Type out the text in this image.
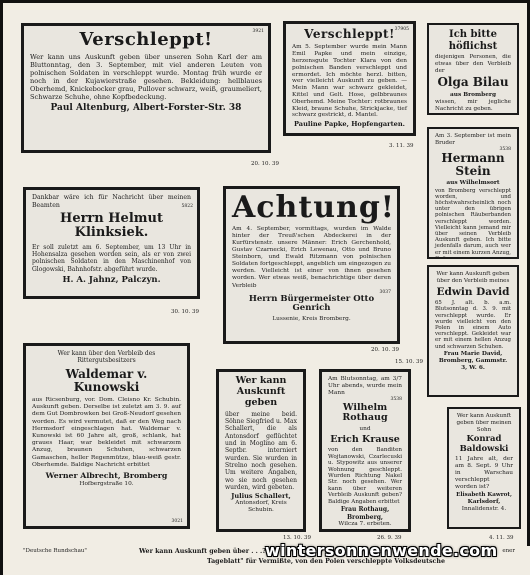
3921
Verschleppt!
Wer kann uns Auskunft geben über unseren Sohn Karl der am Bluttonntag, den 3. September, mit viel anderen Leuten von polnischen Soldaten in verschleppt wurde. Montag früh wurde er noch in der Kujawierstraße gesehen. Bekleidung: hellblaues Oberhemd, Knickebocker grau, Pullover schwarz, weiß, graumeliert, Schwarze Schuhe, ohne Kopfbedeckung.
Paul Altenburg, Albert-Forster-Str. 38
20. 10. 39
37905
Verschleppt!
Am 5. September wurde mein Mann Emil Papke und mein einzige, herzensgute Tochter Klara von den polnischen Banden verschleppt und ermordet. Ich möchte herzl. bitten, wer vielleicht Auskunft zu geben. — Mein Mann war schwarz gekleidet, Kittel und Gelt. Hose, gelbbraunes Oberhemd. Meine Tochter: rotbraunes Kleid, braune Schuhe, Strickjacke, tief schwarz gestrickt, d. Mantel.
Pauline Papke, Hopfengarten.
3. 11. 39
Ich bitte höflichst
diejenigen Personen, die etwas über den Verbleib der
Olga Bilau
aus Bromberg
wissen, mir jegliche Nachricht zu geben.
5822
Dankbar wäre ich für Nachricht über meinen Beamten
Herrn Helmut Klinksiek.
Er soll zuletzt am 6. September, um 13 Uhr in Hohensalza gesehen worden sein, als er von zwei polnischen Soldaten in den Maschinenhof von Glogowski, Bahnhofstr. abgeführt wurde.
H. A. Jahnz, Palczyn.
30. 10. 39
Achtung!
Am 4. September, vormittags, wurden im Walde hinter der Treuß'schen Abdeckerei in der Kurfürstenstr. unsere Männer: Erich Gerchenhold, Gustav Czarnecki, Erich Lewenau, Otto und Bruno Steinborn, und Ewald Ritzmann von polnischen Soldaten fortgeschleppt, angeblich um eingezogen zu werden. Vielleicht ist einer von ihnen gesehen worden. Wer etwas weiß, benachrichtige über deren Verbleib
3037
Herrn Bürgermeister Otto Genrich
Lussenie, Kreis Bromberg.
20. 10. 39
Am 3. September ist mein Bruder
3538
Hermann Stein
aus Wilhelmsort
von Bromberg verschleppt worden, und höchstwahrscheinlich noch unter den übrigen polnischen Räuberbanden verschleppt worden. Vielleicht kann jemand mir über seinen Verbleib Auskunft geben. Ich bitte jedenfalls darum, auch wer er mit einem kurzen Anzug, Opfer
Wer kann Auskunft geben über den Verbleib meines
Edwin David
65 J. alt. b. a.m. Blutsonntag d. 3. 9. mit verschleppt wurde. Er wurde vielleicht von den Polen in einem Auto verschleppt. Gekleidet war er mit einem hellen Anzug und schwarzen Schuhen.
Frau Marie David, Bromberg, Gammstr. 3, W. 6.
15. 10. 39
Wer kann über den Verbleib des Rittergutsbesitzers
Waldemar v. Kunowski
aus Ricsenburg, vor. Dom. Cleisno Kr. Schubin. Auskunft geben. Derselbe ist zuletzt am 3. 9. auf dem Gut Dombrowken bei Groß-Neudorf gesehen worden. Es wird vermutet, daß er den Weg nach Hermsdorf eingeschlagen hat. Waldemar v. Kunowski ist 60 Jahre alt, groß, schlank, hat graues Haar, war bekleidet mit schwarzem Anzug, braunen Schuhen, schwarzen Gamaschen, heller Regenmütze, blau-weiß gestr. Oberhemde. Baldige Nachricht erbittet
Werner Albrecht, Bromberg
Hofbergstraße 10.
3021
Wer kann Auskunft geben
über meine beid. Söhne Siegfried u. Max Schallert, die als Antonsdorf geflüchtet und in Moglino am 6. Septbr. interniert wurden. Sie wurden in Strelno noch gesehen. Um weitere Angaben, wo sie noch gesehen wurden, wird gebeten.
Julius Schallert,
Antonsdorf, Kreis Schubin.
13. 10. 39
Am Blutsonntag, am 3/7 Uhr abends, wurde mein Mann
3538
Wilhelm Rothaug
und
Erich Krause
von den Banditen Wojtanowski, Czarlecuski u. Stypowitz aus unserer Wohnung geschleppt. Wurden Richtung Nakel Str. noch gesehen. Wer kann über weiteren Verbleib Auskunft geben? Baldige Angaben erbittet
Frau Rothaug, Bromberg,
Wilcza 7. erbeten.
26. 9. 39
Wer kann Auskunft geben über meinen Sohn
Konrad Baldowski
11 Jahre alt, der am 8. Sept. 9 Uhr in Warschau verschleppt worden ist?
Elisabeth Kawrot,
Karlsdorf,
Innalidenstr. 4.
4. 11. 39
"Deutsche Rundschau"	Wer kann Auskunft geben über . . .?
Tageblatt" für Vermißte, von den Polen verschleppte Volksdeutsche
ener
wintersonnenwende.com
